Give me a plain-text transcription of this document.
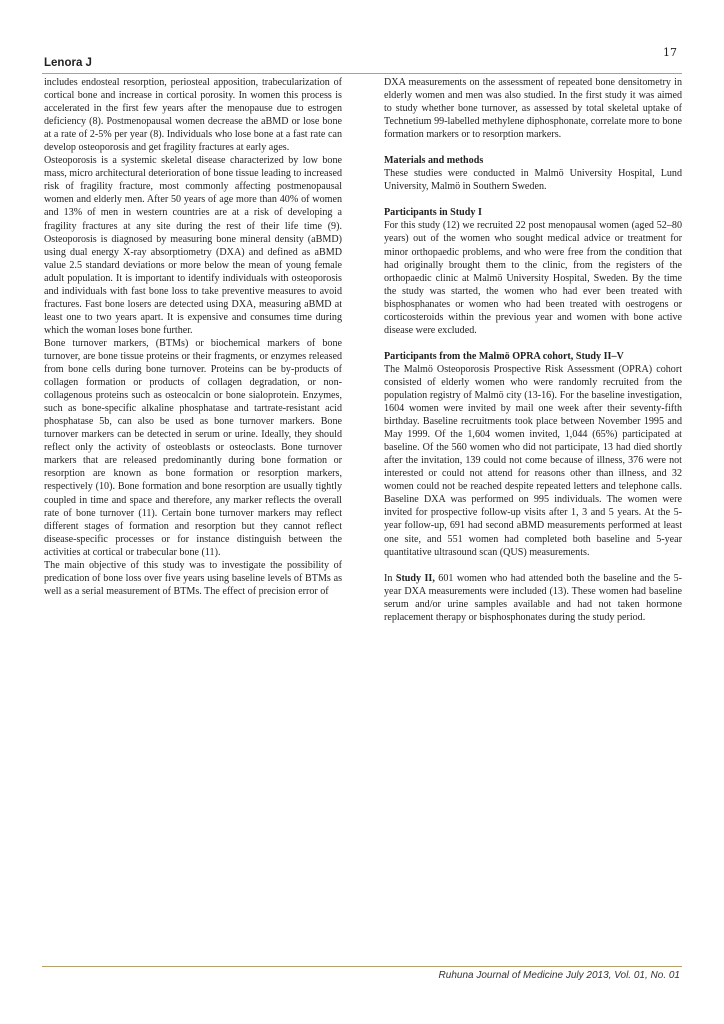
17
Lenora J

includes endosteal resorption, periosteal apposition, trabecularization of cortical bone and increase in cortical porosity. In women this process is accelerated in the first few years after the menopause due to estrogen deficiency (8). Postmenopausal women decrease the aBMD or lose bone at a rate of 2-5% per year (8). Individuals who lose bone at a fast rate can develop osteoporosis and get fragility fractures at early ages.

Osteoporosis is a systemic skeletal disease characterized by low bone mass, micro architectural deterioration of bone tissue leading to increased risk of fragility fracture, most commonly affecting postmenopausal women and elderly men. After 50 years of age more than 40% of women and 13% of men in western countries are at a risk of developing a fragility fractures at any site during the rest of their life time (9). Osteoporosis is diagnosed by measuring bone mineral density (aBMD) using dual energy X-ray absorptiometry (DXA) and defined as aBMD value 2.5 standard deviations or more below the mean of young female adult population. It is important to identify individuals with osteoporosis and individuals with fast bone loss to take preventive measures to avoid fractures. Fast bone losers are detected using DXA, measuring aBMD at least one to two years apart. It is expensive and consumes time during which the woman loses bone further.

Bone turnover markers, (BTMs) or biochemical markers of bone turnover, are bone tissue proteins or their fragments, or enzymes released from bone cells during bone turnover. Proteins can be by-products of collagen formation or products of collagen degradation, or non-collagenous proteins such as osteocalcin or bone sialoprotein. Enzymes, such as bone-specific alkaline phosphatase and tartrate-resistant acid phosphatase 5b, can also be used as bone turnover markers. Bone turnover markers can be detected in serum or urine. Ideally, they should reflect only the activity of osteoblasts or osteoclasts. Bone turnover markers that are released predominantly during bone formation or resorption are known as bone formation or resorption markers, respectively (10). Bone formation and bone resorption are usually tightly coupled in time and space and therefore, any marker reflects the overall rate of bone turnover (11). Certain bone turnover markers may reflect different stages of formation and resorption but they cannot reflect disease-specific processes or for instance distinguish between the activities at cortical or trabecular bone (11).

The main objective of this study was to investigate the possibility of predication of bone loss over five years using baseline levels of BTMs as well as a serial measurement of BTMs. The effect of precision error of

DXA measurements on the assessment of repeated bone densitometry in elderly women and men was also studied. In the first study it was aimed to study whether bone turnover, as assessed by total skeletal uptake of Technetium 99-labelled methylene diphosphonate, correlate more to bone formation markers or to resorption markers.

Materials and methods

These studies were conducted in Malmö University Hospital, Lund University, Malmö in Southern Sweden.

Participants in Study I

For this study (12) we recruited 22 post menopausal women (aged 52–80 years) out of the women who sought medical advice or treatment for minor orthopaedic problems, and who were free from the condition that had originally brought them to the clinic, from the registers of the orthopaedic clinic at Malmö University Hospital, Sweden. By the time the study was started, the women who had ever been treated with bisphosphanates or women who had been treated with oestrogens or corticosteroids within the previous year and women with bone active disease were excluded.

Participants from the Malmö OPRA cohort, Study II–V

The Malmö Osteoporosis Prospective Risk Assessment (OPRA) cohort consisted of elderly women who were randomly recruited from the population registry of Malmö city (13-16). For the baseline investigation, 1604 women were invited by mail one week after their seventy-fifth birthday. Baseline recruitments took place between November 1995 and May 1999. Of the 1,604 women invited, 1,044 (65%) participated at baseline. Of the 560 women who did not participate, 13 had died shortly after the invitation, 139 could not come because of illness, 376 were not interested or could not attend for reasons other than illness, and 32 women could not be reached despite repeated letters and telephone calls. Baseline DXA was performed on 995 individuals. The women were invited for prospective follow-up visits after 1, 3 and 5 years. At the 5-year follow-up, 691 had second aBMD measurements performed at least one site, and 551 women had completed both baseline and 5-year quantitative ultrasound scan (QUS) measurements.

In Study II, 601 women who had attended both the baseline and the 5-year DXA measurements were included (13). These women had baseline serum and/or urine samples available and had not taken hormone replacement therapy or bisphosphonates during the study period.

Ruhuna Journal of Medicine July 2013, Vol. 01, No. 01
